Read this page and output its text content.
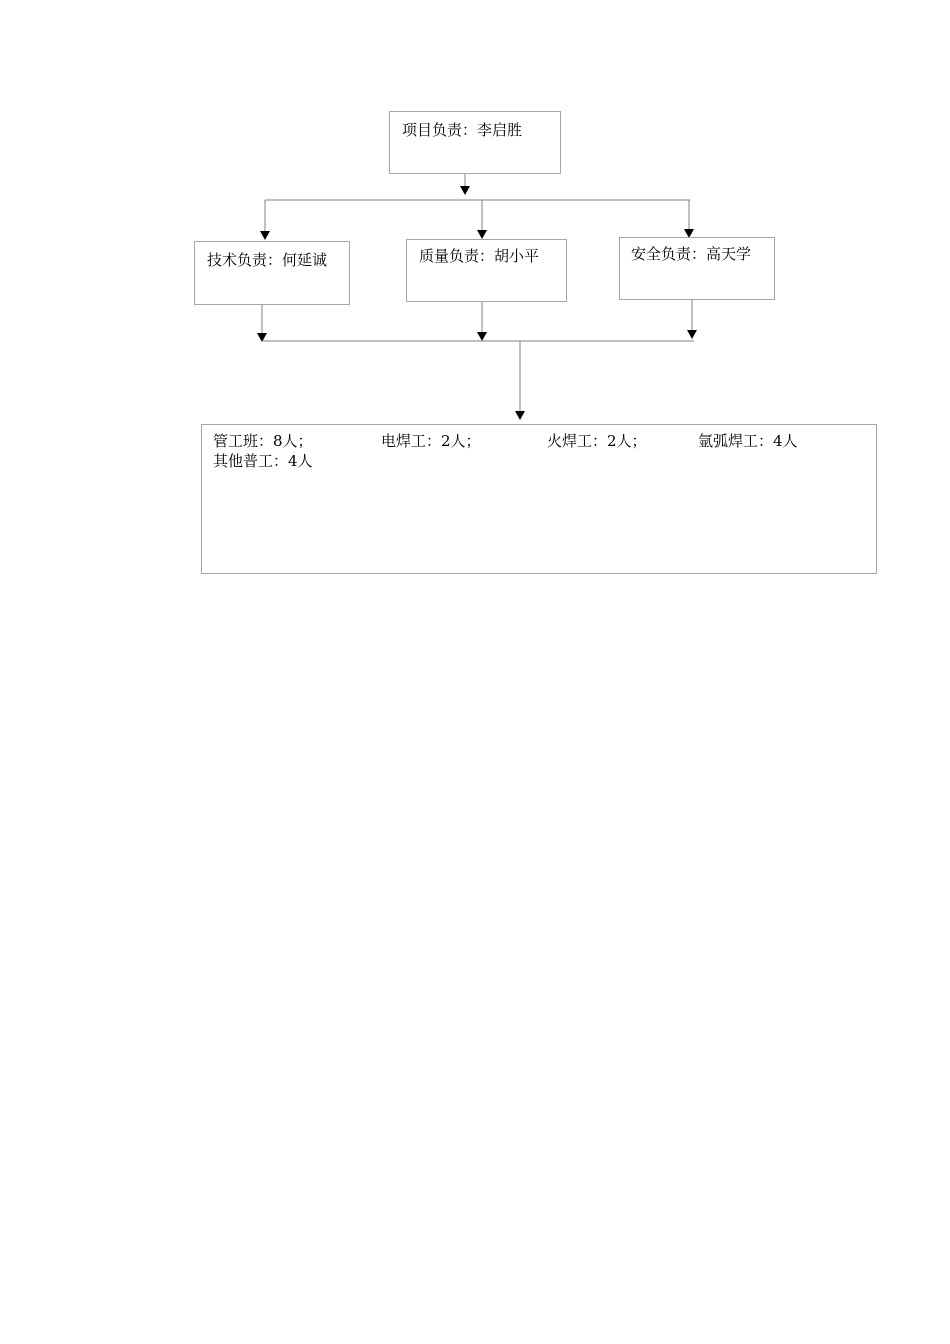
项目负责：李启胜
技术负责：何延诚	质量负责：胡小平	安全负责：高天学
管工班：8人；	电焊工：2人；	火焊工：2人；	氩弧焊工：4人
其他普工：4人
